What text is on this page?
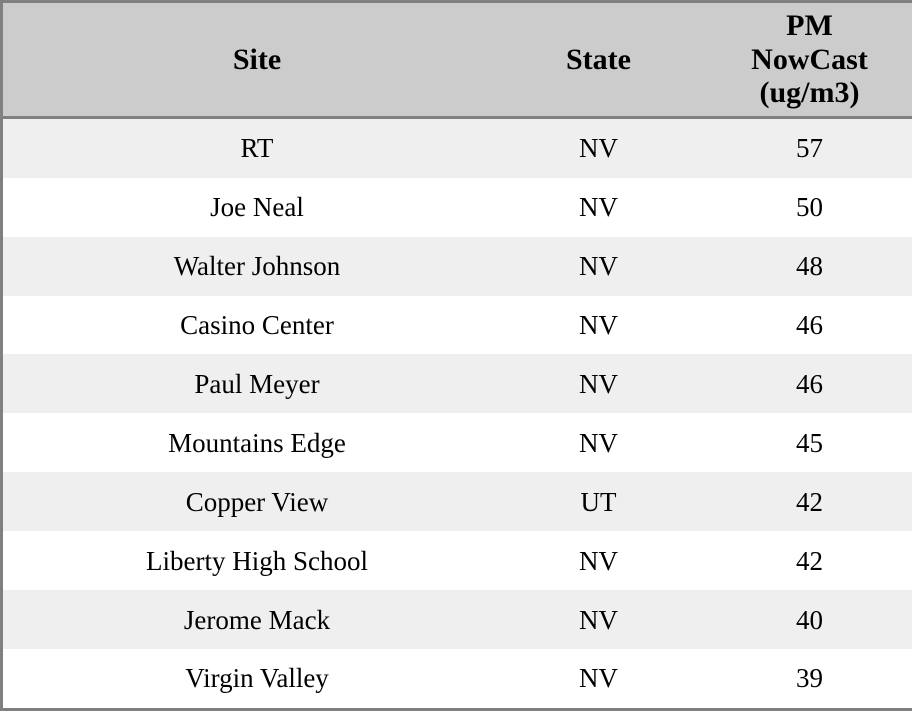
Site	State	PM
NowCast
(ug/m3)
RT	NV	57
Joe Neal	NV	50
Walter Johnson	NV	48
Casino Center	NV	46
Paul Meyer	NV	46
Mountains Edge	NV	45
Copper View	UT	42
Liberty High School	NV	42
Jerome Mack	NV	40
Virgin Valley	NV	39
